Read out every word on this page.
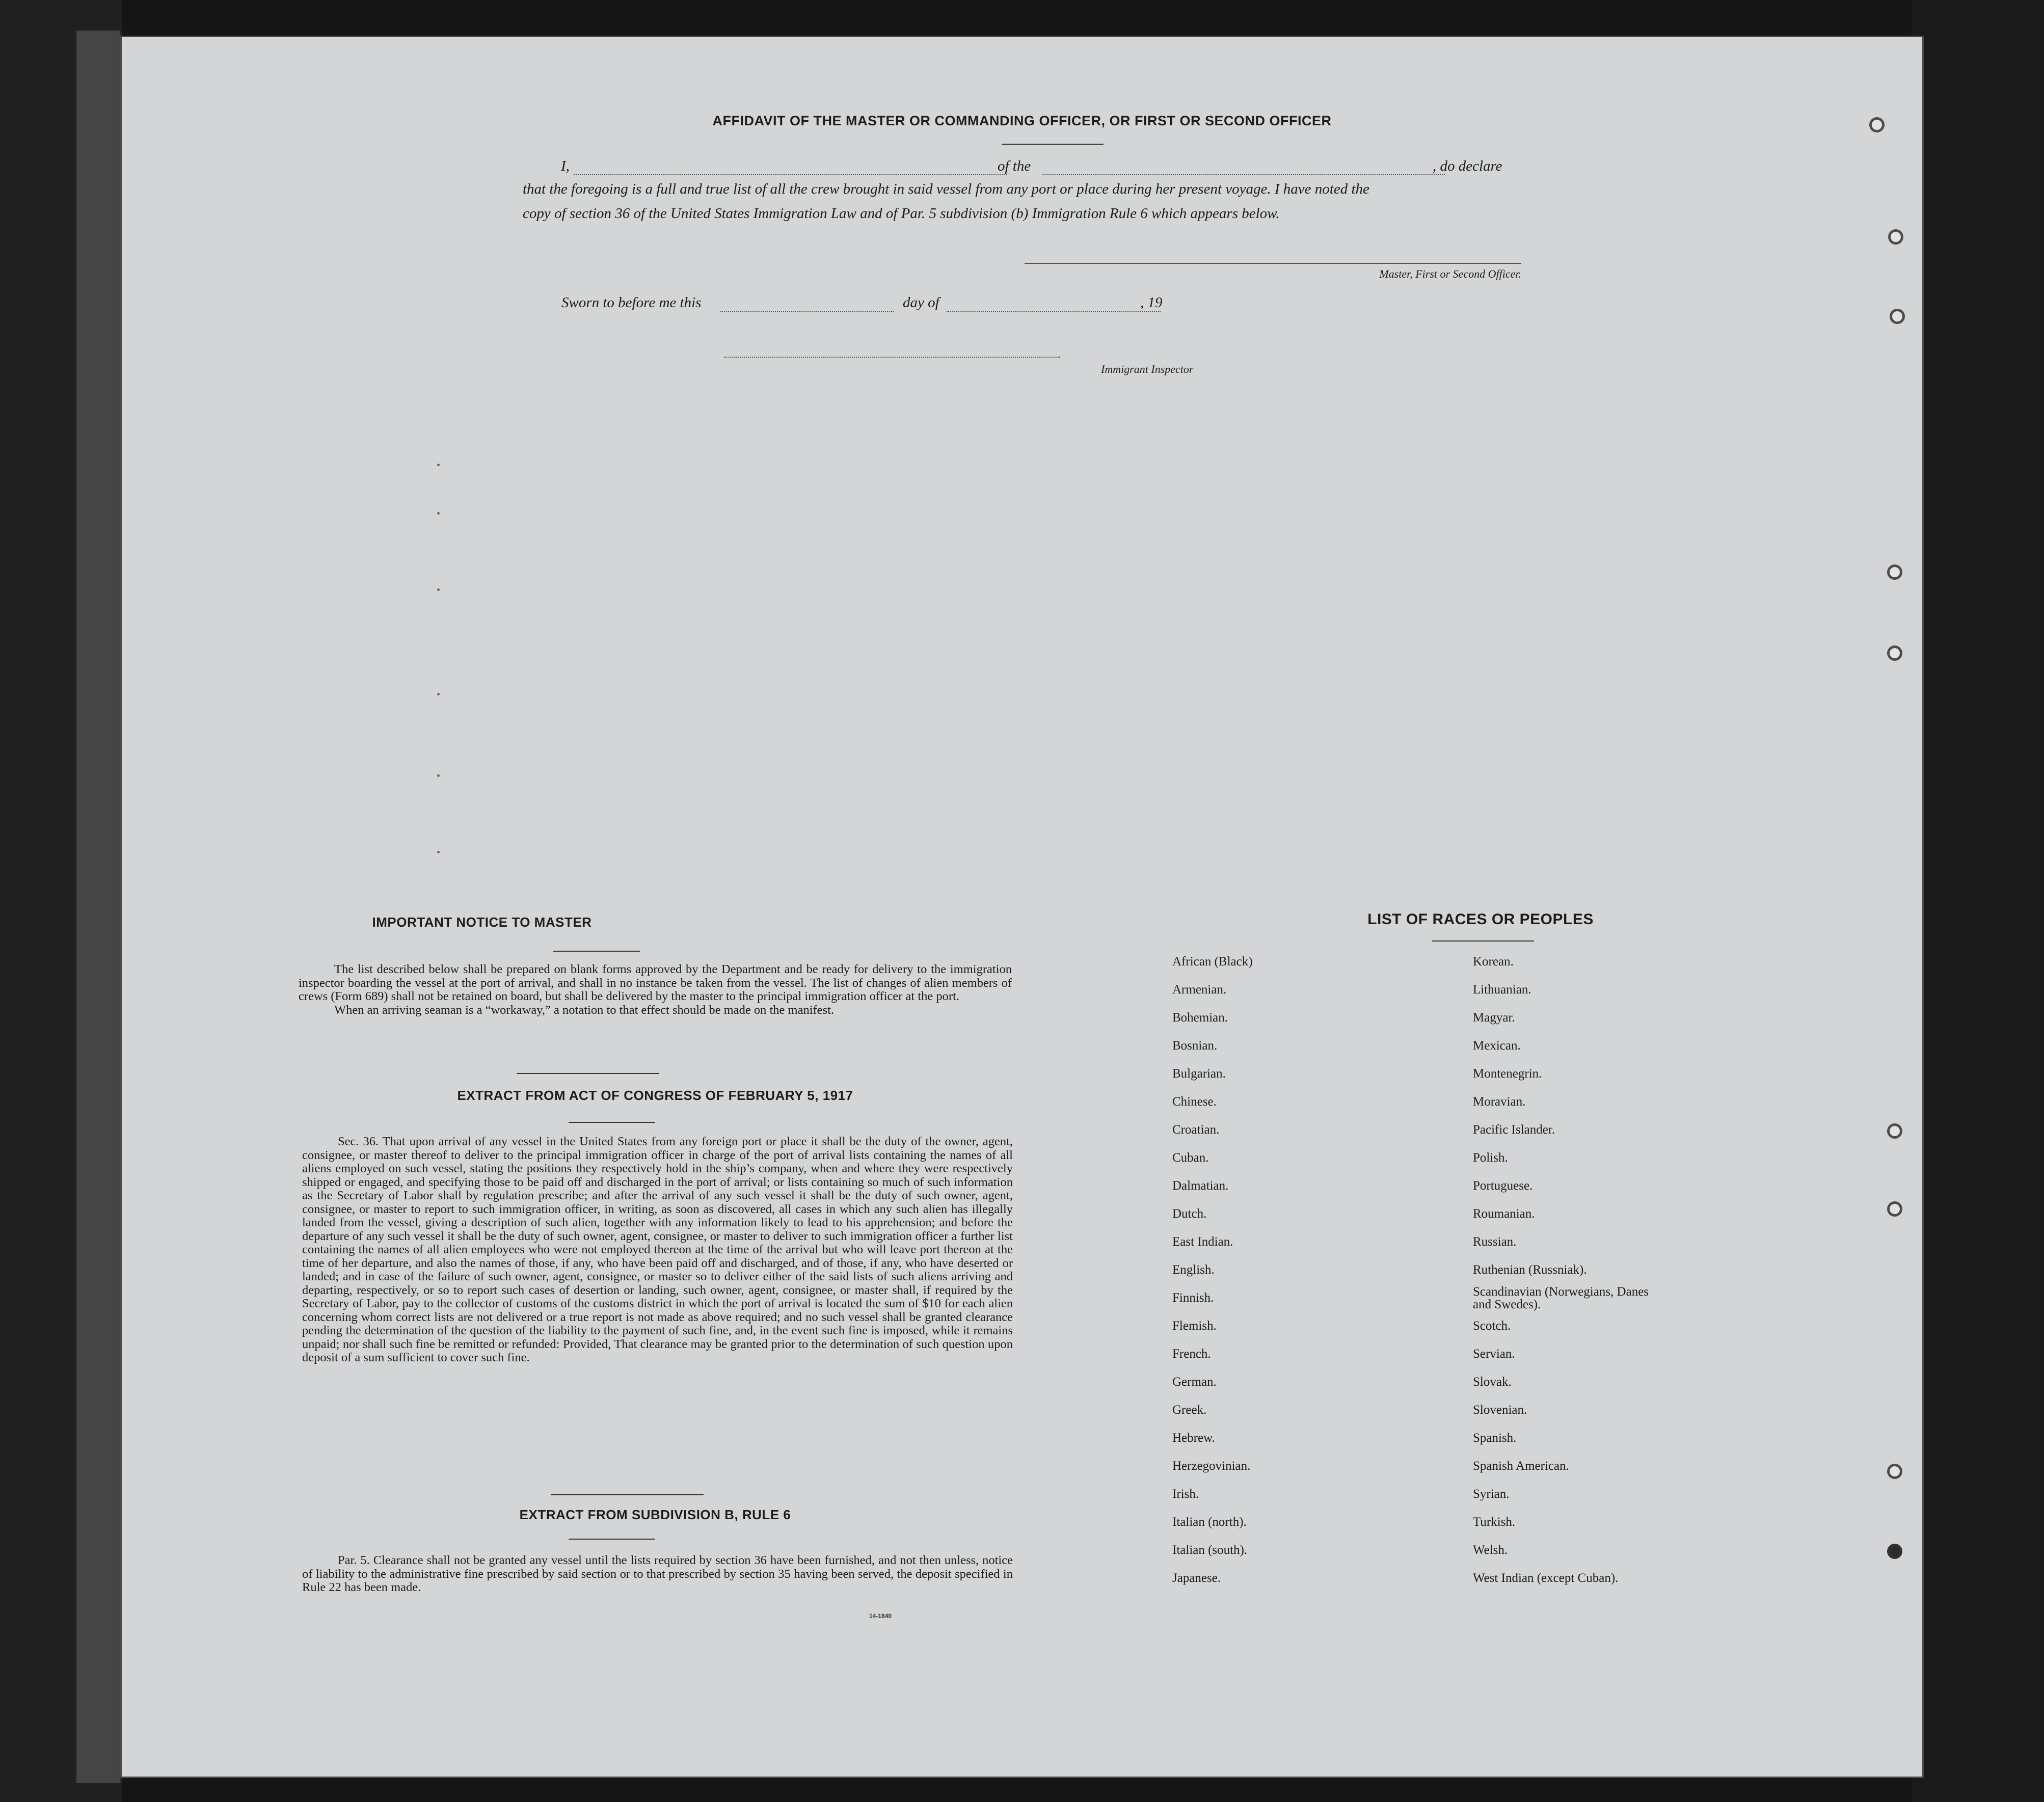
AFFIDAVIT OF THE MASTER OR COMMANDING OFFICER, OR FIRST OR SECOND OFFICER
I,	of the	, do declare
that the foregoing is a full and true list of all the crew brought in said vessel from any port or place during her present voyage. I have noted the
copy of section 36 of the United States Immigration Law and of Par. 5 subdivision (b) Immigration Rule 6 which appears below.
Master, First or Second Officer.
Sworn to before me this	day of	, 19
Immigrant Inspector
IMPORTANT NOTICE TO MASTER

The list described below shall be prepared on blank forms approved by the Department and be ready for delivery to the immigration inspector boarding the vessel at the port of arrival, and shall in no instance be taken from the vessel. The list of changes of alien members of crews (Form 689) shall not be retained on board, but shall be delivered by the master to the principal immigration officer at the port.

When an arriving seaman is a “workaway,” a notation to that effect should be made on the manifest.

EXTRACT FROM ACT OF CONGRESS OF FEBRUARY 5, 1917

Sec. 36. That upon arrival of any vessel in the United States from any foreign port or place it shall be the duty of the owner, agent, consignee, or master thereof to deliver to the principal immigration officer in charge of the port of arrival lists containing the names of all aliens employed on such vessel, stating the positions they respectively hold in the ship’s company, when and where they were respectively shipped or engaged, and specifying those to be paid off and discharged in the port of arrival; or lists containing so much of such information as the Secretary of Labor shall by regulation prescribe; and after the arrival of any such vessel it shall be the duty of such owner, agent, consignee, or master to report to such immigration officer, in writing, as soon as discovered, all cases in which any such alien has illegally landed from the vessel, giving a description of such alien, together with any information likely to lead to his apprehension; and before the departure of any such vessel it shall be the duty of such owner, agent, consignee, or master to deliver to such immigration officer a further list containing the names of all alien employees who were not employed thereon at the time of the arrival but who will leave port thereon at the time of her departure, and also the names of those, if any, who have been paid off and discharged, and of those, if any, who have deserted or landed; and in case of the failure of such owner, agent, consignee, or master so to deliver either of the said lists of such aliens arriving and departing, respectively, or so to report such cases of desertion or landing, such owner, agent, consignee, or master shall, if required by the Secretary of Labor, pay to the collector of customs of the customs district in which the port of arrival is located the sum of $10 for each alien concerning whom correct lists are not delivered or a true report is not made as above required; and no such vessel shall be granted clearance pending the determination of the question of the liability to the payment of such fine, and, in the event such fine is imposed, while it remains unpaid; nor shall such fine be remitted or refunded: Provided, That clearance may be granted prior to the determination of such question upon deposit of a sum sufficient to cover such fine.

EXTRACT FROM SUBDIVISION B, RULE 6

Par. 5. Clearance shall not be granted any vessel until the lists required by section 36 have been furnished, and not then unless, notice of liability to the administrative fine prescribed by said section or to that prescribed by section 35 having been served, the deposit specified in Rule 22 has been made.

14-1840
LIST OF RACES OR PEOPLES
African (Black)	Korean.
Armenian.	Lithuanian.
Bohemian.	Magyar.
Bosnian.	Mexican.
Bulgarian.	Montenegrin.
Chinese.	Moravian.
Croatian.	Pacific Islander.
Cuban.	Polish.
Dalmatian.	Portuguese.
Dutch.	Roumanian.
East Indian.	Russian.
English.	Ruthenian (Russniak).
Finnish.	Scandinavian (Norwegians, Danes and Swedes).
Flemish.	Scotch.
French.	Servian.
German.	Slovak.
Greek.	Slovenian.
Hebrew.	Spanish.
Herzegovinian.	Spanish American.
Irish.	Syrian.
Italian (north).	Turkish.
Italian (south).	Welsh.
Japanese.	West Indian (except Cuban).
